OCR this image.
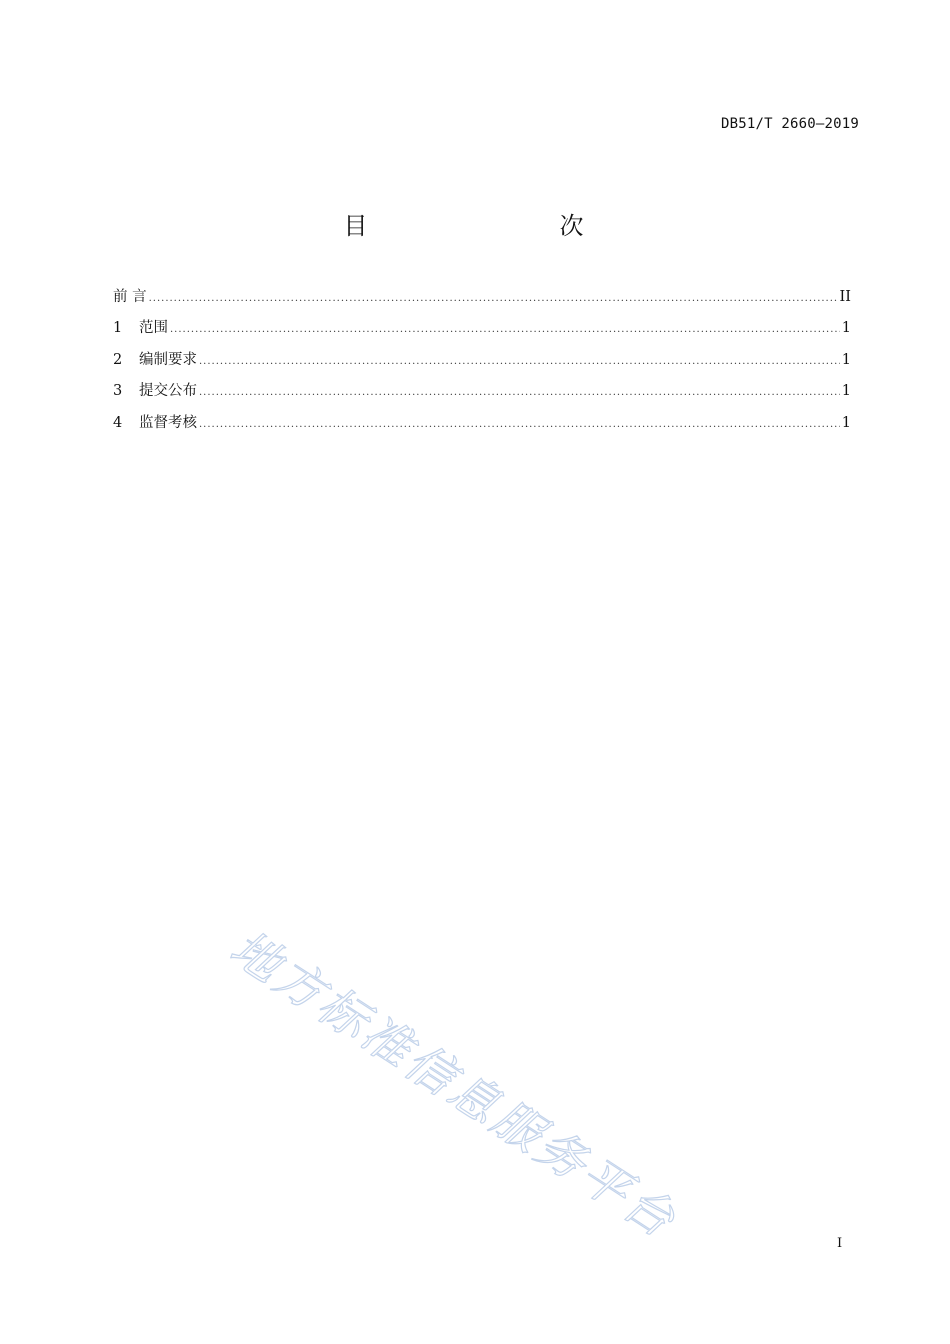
DB51/T 2660—2019
目　　次
前 言 .....	II
1	范围 .....	1
2	编制要求 .....	1
3	提交公布 .....	1
4	监督考核 .....	1
地方标准信息服务平台	I
